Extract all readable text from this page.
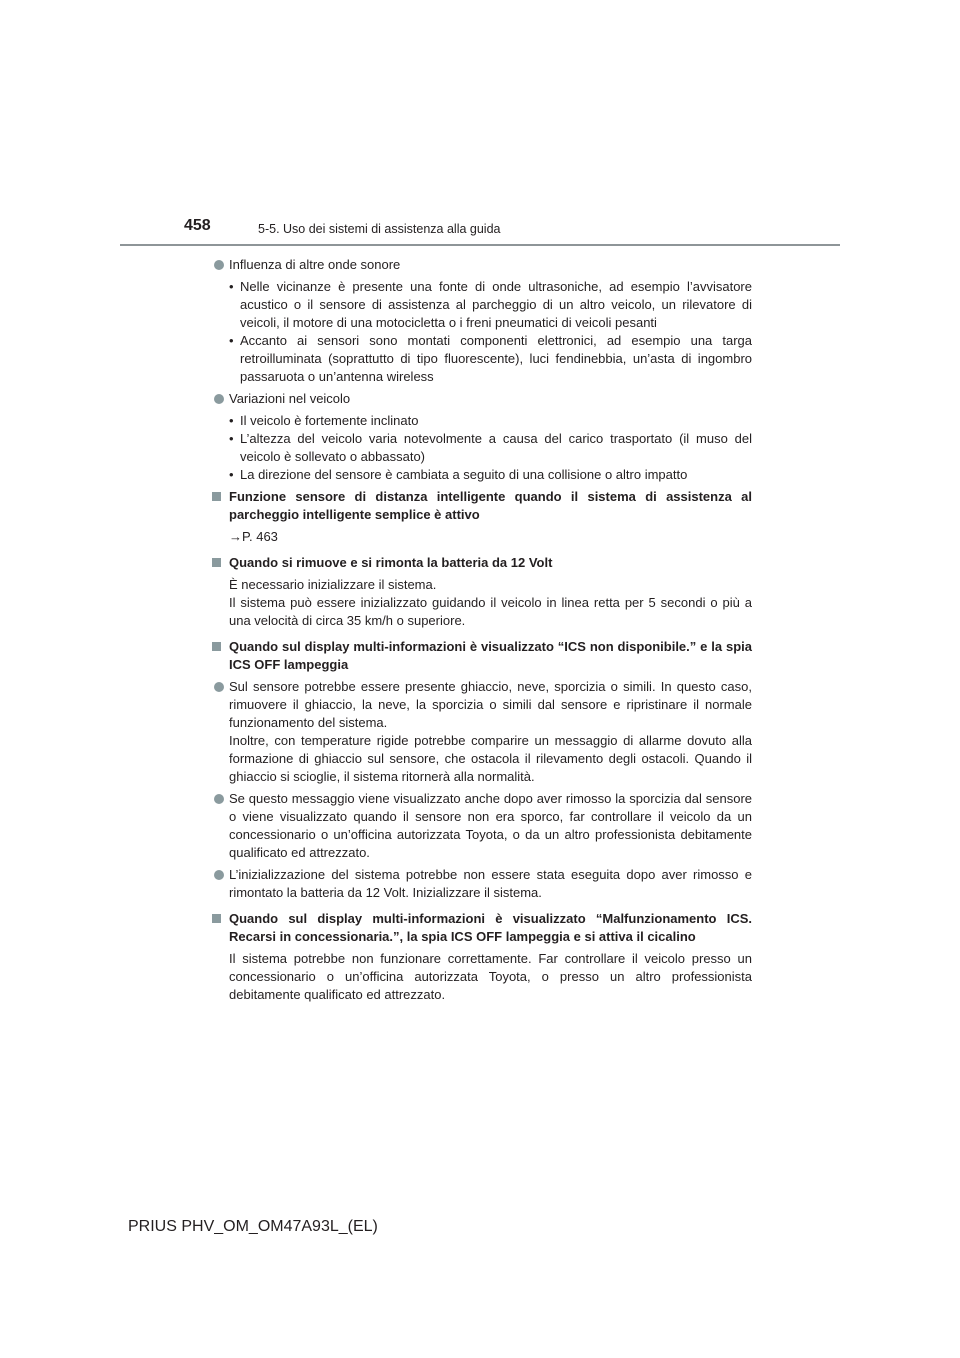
458	5-5. Uso dei sistemi di assistenza alla guida
Influenza di altre onde sonore
• Nelle vicinanze è presente una fonte di onde ultrasoniche, ad esempio l’avvisatore acustico o il sensore di assistenza al parcheggio di un altro veicolo, un rilevatore di veicoli, il motore di una motocicletta o i freni pneumatici di veicoli pesanti
• Accanto ai sensori sono montati componenti elettronici, ad esempio una targa retroilluminata (soprattutto di tipo fluorescente), luci fendinebbia, un’asta di ingombro passaruota o un’antenna wireless
Variazioni nel veicolo
• Il veicolo è fortemente inclinato
• L’altezza del veicolo varia notevolmente a causa del carico trasportato (il muso del veicolo è sollevato o abbassato)
• La direzione del sensore è cambiata a seguito di una collisione o altro impatto
Funzione sensore di distanza intelligente quando il sistema di assistenza al parcheggio intelligente semplice è attivo
→P. 463
Quando si rimuove e si rimonta la batteria da 12 Volt
È necessario inizializzare il sistema.
Il sistema può essere inizializzato guidando il veicolo in linea retta per 5 secondi o più a una velocità di circa 35 km/h o superiore.
Quando sul display multi-informazioni è visualizzato “ICS non disponibile.” e la spia ICS OFF lampeggia
Sul sensore potrebbe essere presente ghiaccio, neve, sporcizia o simili. In questo caso, rimuovere il ghiaccio, la neve, la sporcizia o simili dal sensore e ripristinare il normale funzionamento del sistema.
Inoltre, con temperature rigide potrebbe comparire un messaggio di allarme dovuto alla formazione di ghiaccio sul sensore, che ostacola il rilevamento degli ostacoli. Quando il ghiaccio si scioglie, il sistema ritornerà alla normalità.
Se questo messaggio viene visualizzato anche dopo aver rimosso la sporcizia dal sensore o viene visualizzato quando il sensore non era sporco, far controllare il veicolo da un concessionario o un’officina autorizzata Toyota, o da un altro professionista debitamente qualificato ed attrezzato.
L’inizializzazione del sistema potrebbe non essere stata eseguita dopo aver rimosso e rimontato la batteria da 12 Volt. Inizializzare il sistema.
Quando sul display multi-informazioni è visualizzato “Malfunzionamento ICS. Recarsi in concessionaria.”, la spia ICS OFF lampeggia e si attiva il cicalino
Il sistema potrebbe non funzionare correttamente. Far controllare il veicolo presso un concessionario o un’officina autorizzata Toyota, o presso un altro professionista debitamente qualificato ed attrezzato.
PRIUS PHV_OM_OM47A93L_(EL)
